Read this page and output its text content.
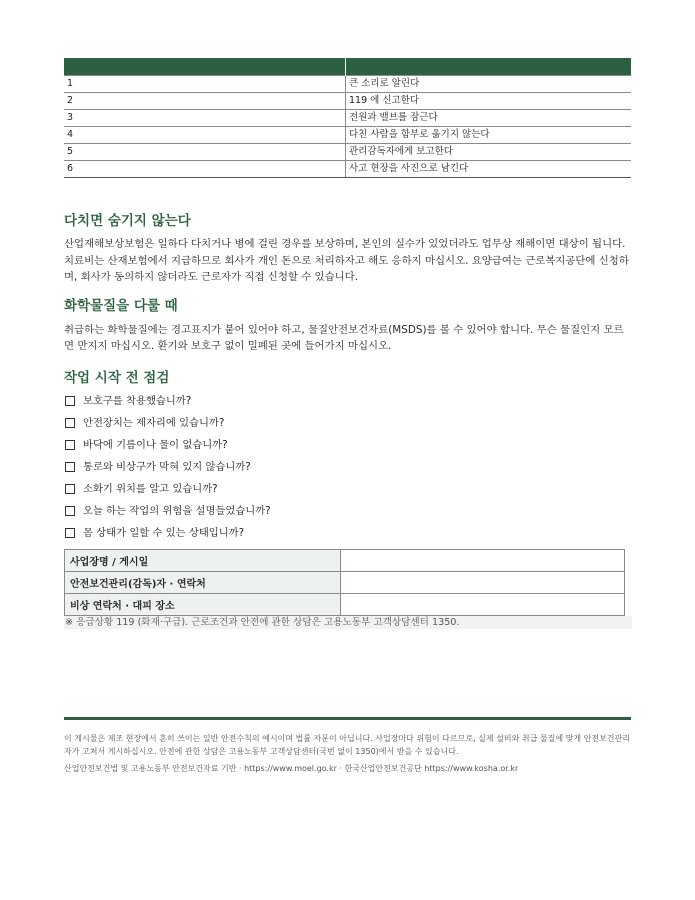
1	큰 소리로 알린다
2	119 에 신고한다
3	전원과 밸브를 잠근다
4	다친 사람을 함부로 옮기지 않는다
5	관리감독자에게 보고한다
6	사고 현장을 사진으로 남긴다
다치면 숨기지 않는다

산업재해보상보험은 일하다 다치거나 병에 걸린 경우를 보상하며, 본인의 실수가 있었더라도 업무상 재해이면 대상이 됩니다. 치료비는 산재보험에서 지급하므로 회사가 개인 돈으로 처리하자고 해도 응하지 마십시오. 요양급여는 근로복지공단에 신청하며, 회사가 동의하지 않더라도 근로자가 직접 신청할 수 있습니다.

화학물질을 다룰 때

취급하는 화학물질에는 경고표지가 붙어 있어야 하고, 물질안전보건자료(MSDS)를 볼 수 있어야 합니다. 무슨 물질인지 모르면 만지지 마십시오. 환기와 보호구 없이 밀폐된 곳에 들어가지 마십시오.

작업 시작 전 점검
보호구를 착용했습니까?
안전장치는 제자리에 있습니까?
바닥에 기름이나 물이 없습니까?
통로와 비상구가 막혀 있지 않습니까?
소화기 위치를 알고 있습니까?
오늘 하는 작업의 위험을 설명들었습니까?
몸 상태가 일할 수 있는 상태입니까?
사업장명 / 게시일	
안전보건관리(감독)자 · 연락처	
비상 연락처 · 대피 장소	
※ 응급상황 119 (화재·구급). 근로조건과 안전에 관한 상담은 고용노동부 고객상담센터 1350.

이 게시물은 제조 현장에서 흔히 쓰이는 일반 안전수칙의 예시이며 법률 자문이 아닙니다. 사업장마다 위험이 다르므로, 실제 설비와 취급 물질에 맞게 안전보건관리자가 고쳐서 게시하십시오. 안전에 관한 상담은 고용노동부 고객상담센터(국번 없이 1350)에서 받을 수 있습니다.

산업안전보건법 및 고용노동부 안전보건자료 기반 · https://www.moel.go.kr · 한국산업안전보건공단 https://www.kosha.or.kr
